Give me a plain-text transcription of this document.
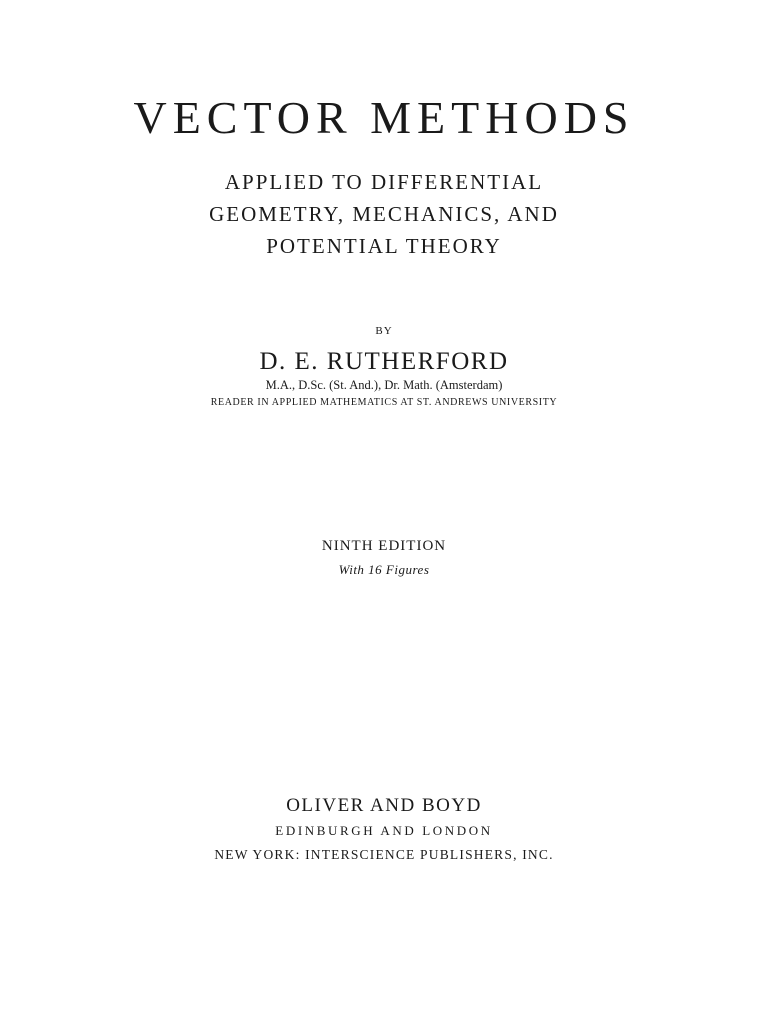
VECTOR METHODS
APPLIED TO DIFFERENTIAL
GEOMETRY, MECHANICS, AND
POTENTIAL THEORY
BY
D. E. RUTHERFORD
M.A., D.Sc. (St. And.), Dr. Math. (Amsterdam)
READER IN APPLIED MATHEMATICS AT ST. ANDREWS UNIVERSITY
NINTH EDITION
With 16 Figures
OLIVER AND BOYD
EDINBURGH AND LONDON
NEW YORK: INTERSCIENCE PUBLISHERS, INC.
